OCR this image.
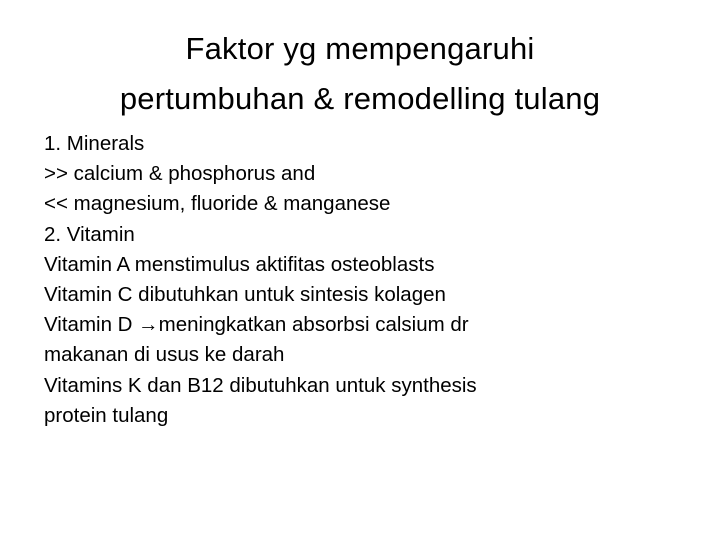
Faktor yg mempengaruhi
pertumbuhan & remodelling tulang
1. Minerals
>> calcium & phosphorus and
<< magnesium, fluoride & manganese
2. Vitamin
Vitamin A menstimulus aktifitas osteoblasts
Vitamin C dibutuhkan untuk sintesis kolagen
Vitamin D →meningkatkan absorbsi calsium dr
makanan di usus ke darah
Vitamins K dan B12 dibutuhkan untuk synthesis
protein tulang
